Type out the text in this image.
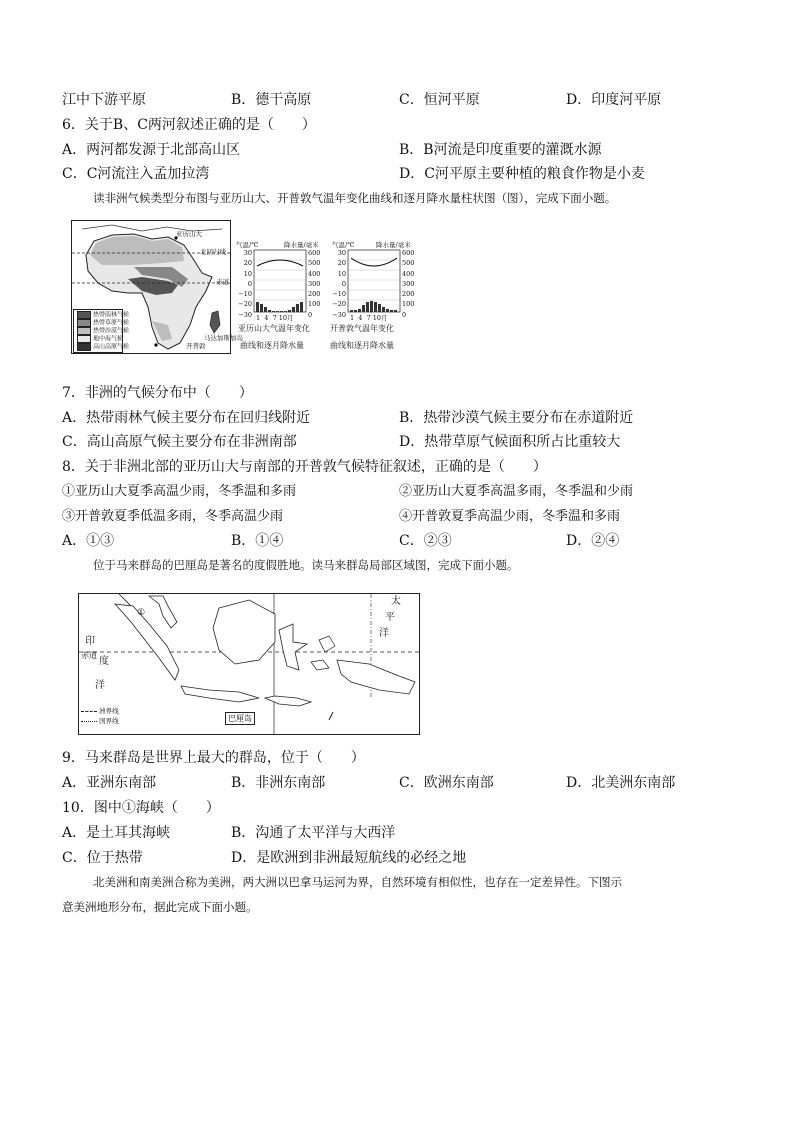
江中下游平原	B．德干高原	C．恒河平原	D．印度河平原
6．关于B、C两河叙述正确的是（　　）
A．两河都发源于北部高山区	B．B河流是印度重要的灌溉水源
C．C河流注入孟加拉湾	D．C河平原主要种植的粮食作物是小麦
读非洲气候类型分布图与亚历山大、开普敦气温年变化曲线和逐月降水量柱状图（图），完成下面小题。
亚历山大
北回归线
赤道
开普敦
马达加斯加岛
热带雨林气候
热带草原气候
热带沙漠气候
地中海气候
高山高原气候
气温/℃	降水量/毫米
30
20
10
0
−10
−20
−30
600
500
400
300
200
100
0
1 4 7 10月
亚历山大气温年变化
曲线和逐月降水量
气温/℃	降水量/毫米
30
20
10
0
−10
−20
−30
600
500
400
300
200
100
0
1 4 7 10月
开普敦气温年变化
曲线和逐月降水量
7．非洲的气候分布中（　　）
A．热带雨林气候主要分布在回归线附近	B．热带沙漠气候主要分布在赤道附近
C．高山高原气候主要分布在非洲南部	D．热带草原气候面积所占比重较大
8．关于非洲北部的亚历山大与南部的开普敦气候特征叙述，正确的是（　　）
①亚历山大夏季高温少雨，冬季温和多雨	②亚历山大夏季高温多雨，冬季温和少雨
③开普敦夏季低温多雨，冬季高温少雨	④开普敦夏季高温少雨，冬季温和多雨
A．①③	B．①④	C．②③	D．②④
位于马来群岛的巴厘岛是著名的度假胜地。读马来群岛局部区域图，完成下面小题。
①
太
平
洋
印
度
洋
赤道
巴厘岛
洲界线
国界线
9．马来群岛是世界上最大的群岛，位于（　　）
A．亚洲东南部	B．非洲东南部	C．欧洲东南部	D．北美洲东南部
10．图中①海峡（　　）
A．是土耳其海峡	B．沟通了太平洋与大西洋
C．位于热带	D．是欧洲到非洲最短航线的必经之地
北美洲和南美洲合称为美洲，两大洲以巴拿马运河为界，自然环境有相似性，也存在一定差异性。下图示
意美洲地形分布，据此完成下面小题。
